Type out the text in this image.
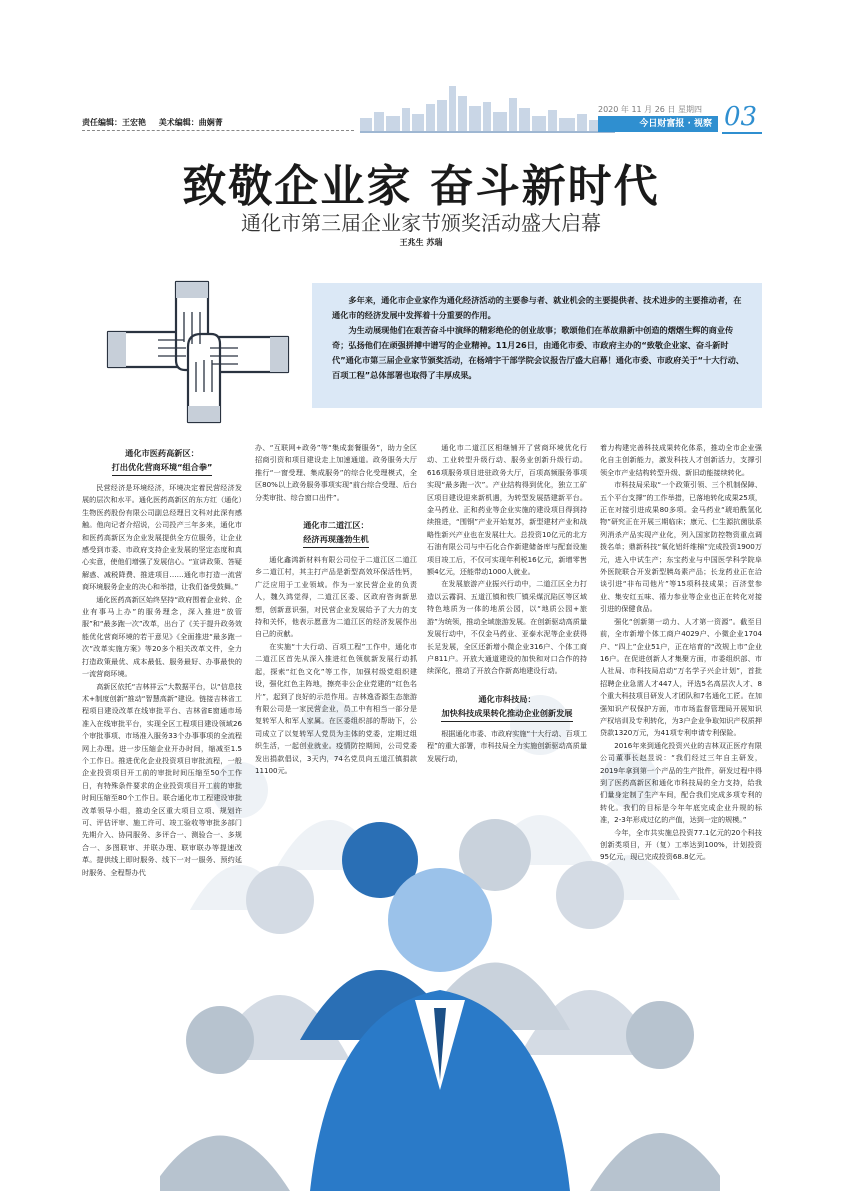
责任编辑：王宏艳 美术编辑：曲娴菁
2020 年 11 月 26 日 星期四
今日财富报 · 视察 03
致敬企业家 奋斗新时代
通化市第三届企业家节颁奖活动盛大启幕
王兆生 苏瑞

多年来，通化市企业家作为通化经济活动的主要参与者、就业机会的主要提供者、技术进步的主要推动者，在通化市的经济发展中发挥着十分重要的作用。

为生动展现他们在艰苦奋斗中演绎的精彩绝伦的创业故事；歌颂他们在革故鼎新中创造的熠熠生辉的商业传奇；弘扬他们在顽强拼搏中谱写的企业精神。11月26日，由通化市委、市政府主办的“致敬企业家、奋斗新时代”通化市第三届企业家节颁奖活动，在杨靖宇干部学院会议报告厅盛大启幕！通化市委、市政府关于“十大行动、百项工程”总体部署也取得了丰厚成果。

通化市医药高新区：
打出优化营商环境“组合拳”

民营经济是环境经济，环境决定着民营经济发展的层次和水平。通化医药高新区的东方红（通化）生物医药股份有限公司副总经理吕文科对此深有感触。他向记者介绍说，公司投产三年多来，通化市和医药高新区为企业发展提供全方位服务，让企业感受到市委、市政府支持企业发展的坚定态度和真心实意，使他们增强了发展信心。“宣讲政策、答疑解惑、减税降费、推进项目……通化市打造一流营商环境服务企业的决心和举措，让我们备受鼓舞。”

通化医药高新区始终坚持“政府围着企业转、企业有事马上办”的服务理念，深入推进“放管服”和“最多跑一次”改革，出台了《关于提升政务效能优化营商环境的若干意见》《全面推进“最多跑一次”改革实施方案》等20多个相关改革文件，全力打造政策最优、成本最低、服务最好、办事最快的一流营商环境。

高新区依托“吉林祥云”大数据平台，以“信息技术+制度创新”推动“智慧高新”建设。链接吉林省工程项目建设改革在线审批平台、吉林省E窗通市场准入在线审批平台，实现全区工程项目建设领域26个审批事项、市场准入服务33个办事事项的全流程网上办理。进一步压缩企业开办时间，缩减至1.5个工作日。推进优化企业投资项目审批流程，一般企业投资项目开工前的审批时间压缩至50个工作日，有特殊条件要求的企业投资项目开工前的审批时间压缩至80个工作日。联合通化市工程建设审批改革领导小组，推动全区重大项目立项、规划许可、评估评审、施工许可、竣工验收等审批多部门先期介入、协同服务、多评合一、测验合一、多规合一、多图联审、并联办理、联审联办等提速改革。提供线上即时服务、线下一对一服务、预约延时服务、全程帮办代

办、“互联网+政务”等“集成套餐服务”，助力全区招商引资和项目建设走上加速通道。政务服务大厅推行“一窗受理、集成服务”的综合化受理模式，全区80%以上政务服务事项实现“前台综合受理、后台分类审批、综合窗口出件”。

通化市二道江区：
经济再现蓬勃生机

通化鑫鸿新材料有限公司位于二道江区二道江乡二道江村，其主打产品是新型高效环保活性钙，广泛应用于工业领域。作为一家民营企业的负责人，魏久鸿觉得，二道江区委、区政府咨询新思想，创新意识强，对民营企业发展给予了大力的支持和关怀，他表示愿意为二道江区的经济发展作出自己的贡献。

在实施“十大行动、百项工程”工作中，通化市二道江区首先从深入推进红色领航新发展行动抓起，探索“红色文化”等工作，加强村级党组织建设，强化红色主阵地，擦亮非公企业党建的“红色名片”，起到了良好的示范作用。吉林逸香源生态旅游有限公司是一家民营企业，员工中有相当一部分是复转军人和军人家属。在区委组织部的帮助下，公司成立了以复转军人党员为主体的党委，定期过组织生活，一起创业就业。疫情防控期间，公司党委发出捐款倡议，3天内，74名党员向五道江镇捐款11100元。

通化市二道江区相继铺开了营商环境优化行动、工业转型升级行动、服务业创新升级行动。616项服务项目进驻政务大厅，百项高频服务事项实现“最多跑一次”。产业结构得到优化，独立工矿区项目建设迎来新机遇，为转型发展搭建新平台。金马药业、正和药业等企业实施的建设项目得到持续推进，“围钢”产业开始复苏，新型建材产业和战略性新兴产业也在发展壮大。总投资10亿元的北方石油有限公司与中石化合作新建储备库与配套设施项目竣工后，不仅可实现年利税16亿元，新增零售额4亿元，还能带动1000人就业。

在发展旅游产业振兴行动中，二道江区全力打造以云霧洞、五道江镇和铁厂镇采煤沉陷区等区域特色地质为一体的地质公园，以“地质公园+旅游”为统领，推动全域旅游发展。在创新驱动高质量发展行动中，不仅金马药业、亚泰水泥等企业获得长足发展，全区还新增小微企业316户、个体工商户811户。开放大通道建设的加快和对口合作的持续深化，推动了开放合作新高地建设行动。

通化市科技局：
加快科技成果转化推动企业创新发展

根据通化市委、市政府实施“十大行动、百项工程”的重大部署，市科技局全力实施创新驱动高质量发展行动，

着力构建完善科技成果转化体系，推动全市企业强化自主创新能力，激发科技人才创新活力，支撑引领全市产业结构转型升级、新旧动能接续转化。

市科技局采取“一个政策引领、三个机制保障、五个平台支撑”的工作举措，已落地转化成果25项，正在对接引进成果80多项。金马药业“琥珀酰氢化物”研究正在开展三期临床；康元、仁生源抗菌肽系列消杀产品实现产业化，列入国家防控物资重点调拨名单；鼎新科技“氧化铝纤维棉”完成投资1900万元，进入中试生产；东宝药业与中国医学科学院阜外医院联合开发新型胰岛素产品；长龙药业正在洽谈引进“非布司他片”等15项科技成果；百济堂参业、集安红五味、禧力参业等企业也正在转化对接引进的保健食品。

强化“创新第一动力、人才第一资源”。截至目前，全市新增个体工商户4029户、小微企业1704户、“四上”企业51户，正在培育的“改规上市”企业16户。在促进创新人才集聚方面，市委组织部、市人社局、市科技局启动“万名学子兴企计划”，首批招聘企业急需人才447人，评选5名高层次人才、8个重大科技项目研发人才团队和7名通化工匠。在加强知识产权保护方面，市市场监督管理局开展知识产权培训及专利转化，为3户企业争取知识产权质押贷款1320万元，为41项专利申请专利保险。

2016年来到通化投资兴业的吉林双正医疗有限公司董事长赵昱说：“我们经过三年自主研发，2019年拿到第一个产品的生产批件，研发过程中得到了医药高新区和通化市科技局的全力支持，给我们量身定制了生产车间，配合我们完成多项专利的转化。我们的目标是今年年底完成企业升规的标准，2-3年形成过亿的产值，达到一定的规模。”

今年，全市共实施总投资77.1亿元的20个科技创新类项目，开（复）工率达到100%，计划投资95亿元，现已完成投资68.8亿元。
